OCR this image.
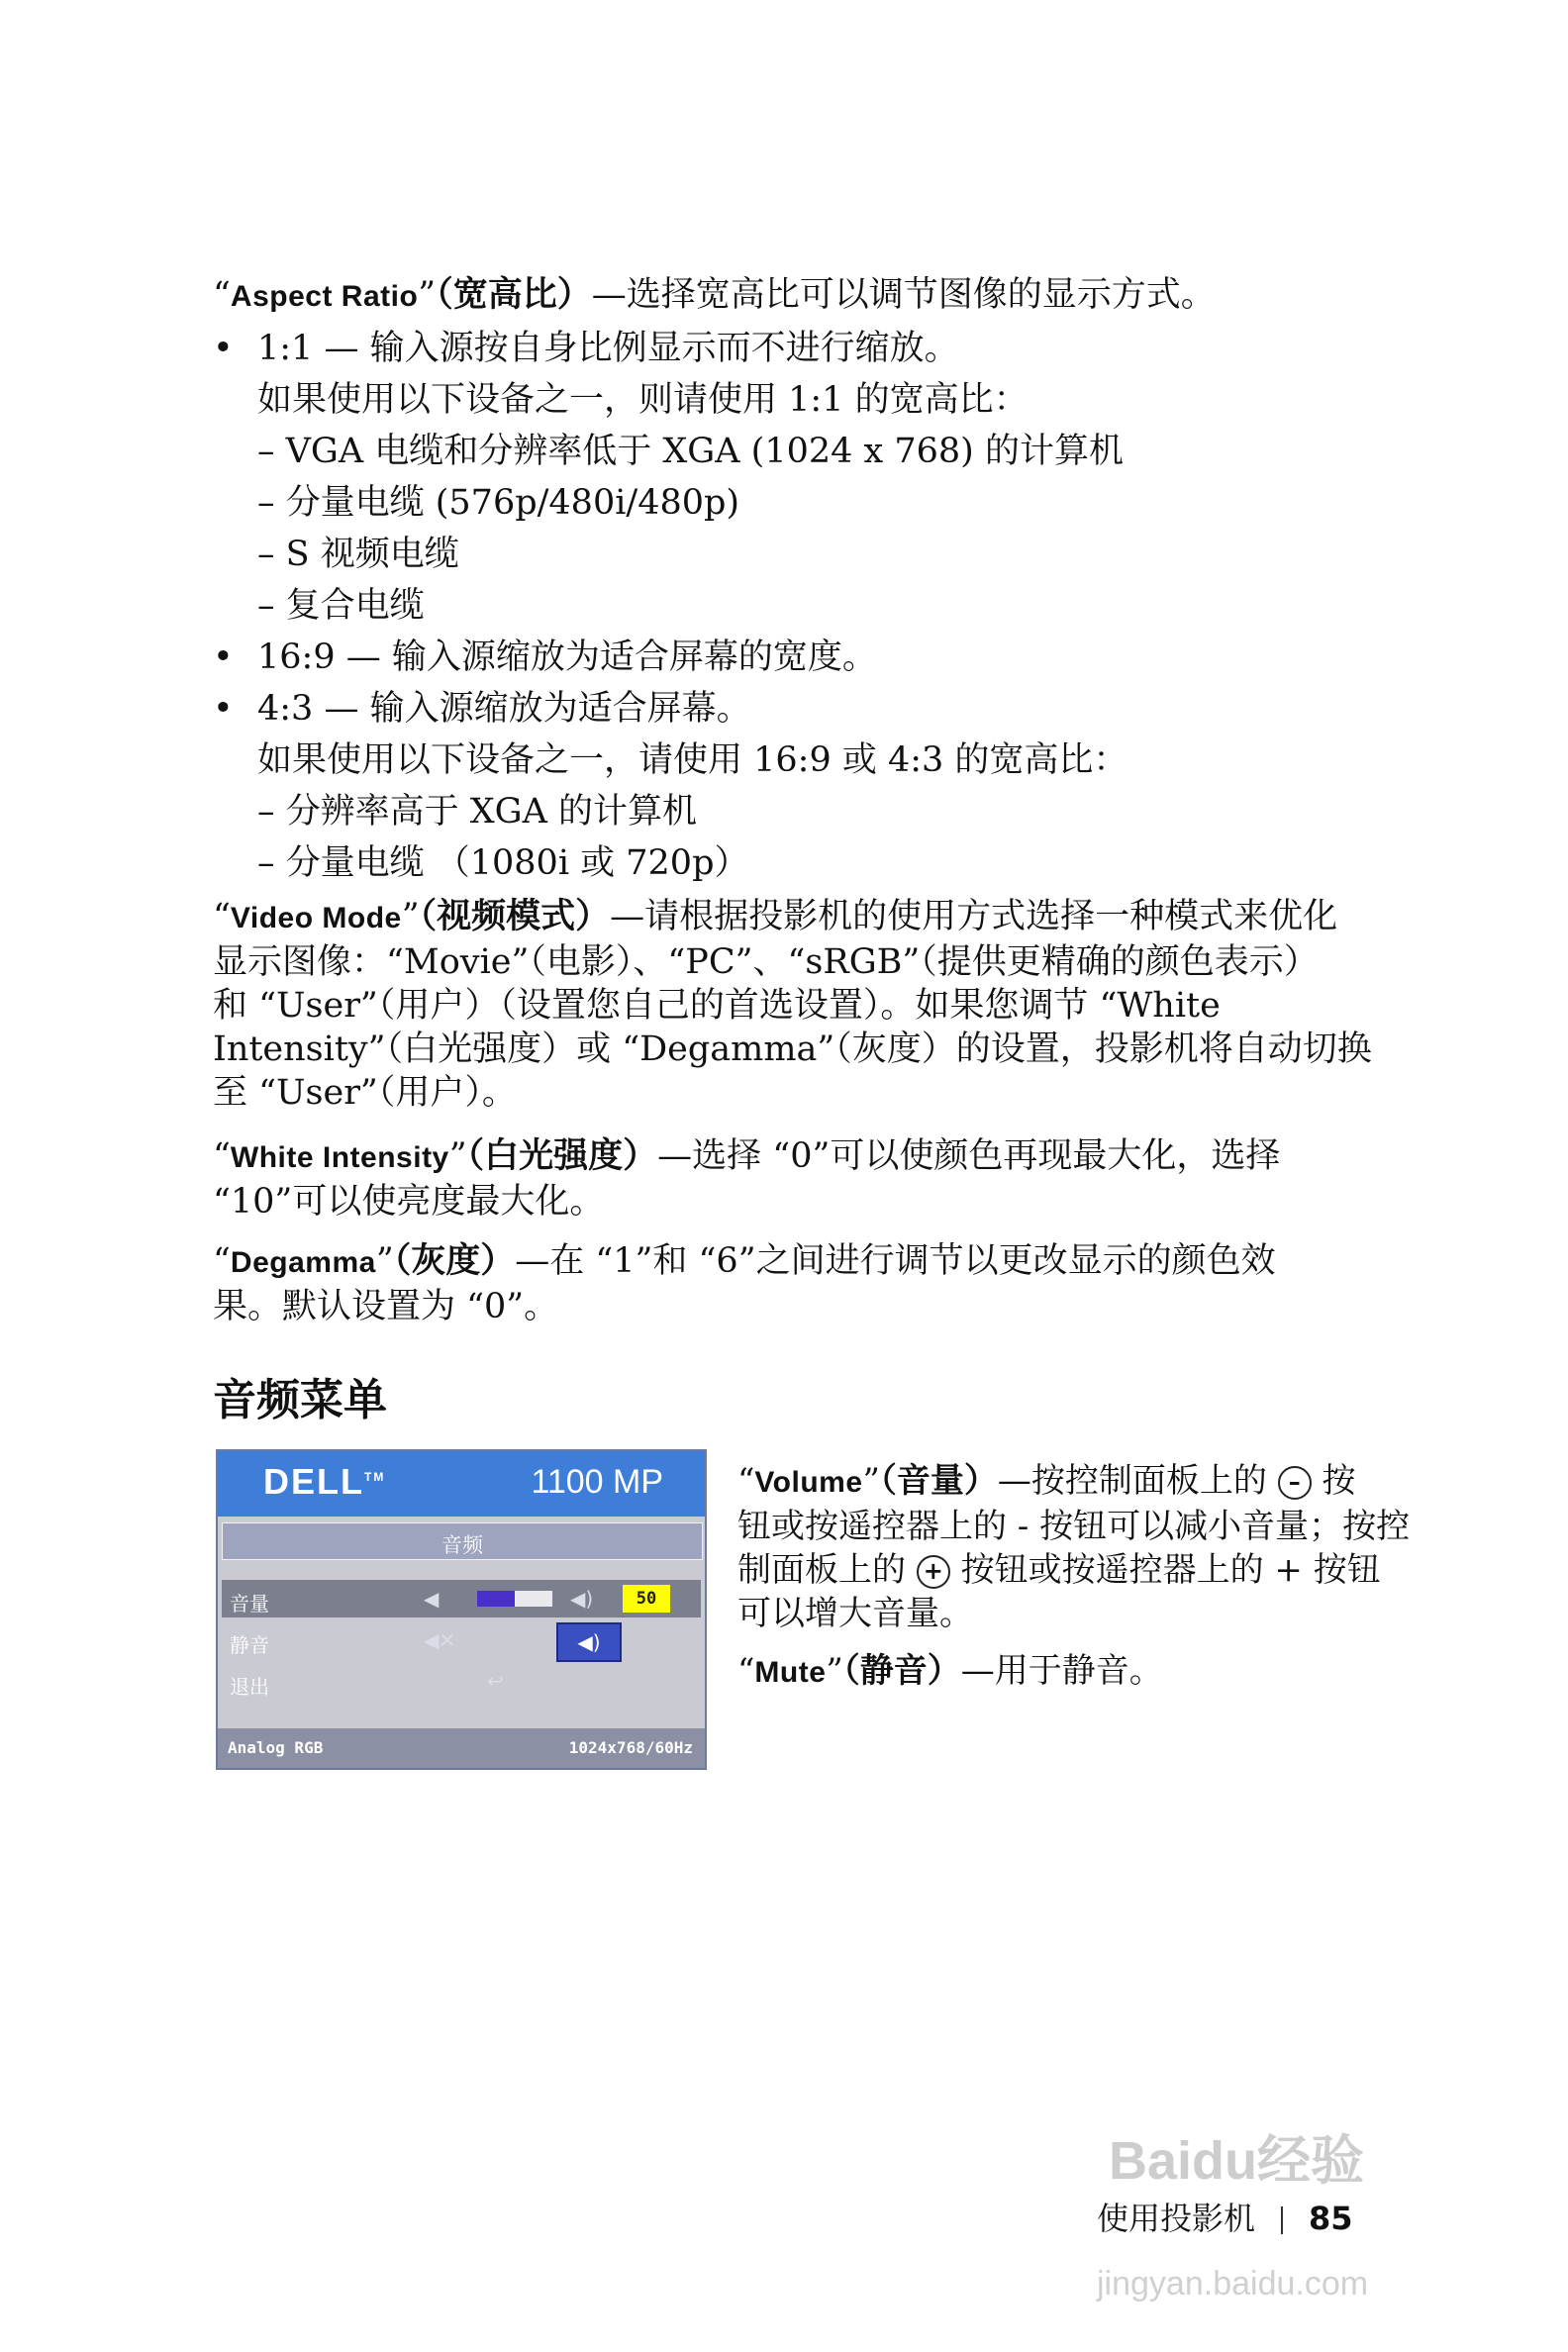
“Aspect Ratio”（宽高比）—选择宽高比可以调节图像的显示方式。
• 1:1 — 输入源按自身比例显示而不进行缩放。
如果使用以下设备之一，则请使用 1:1 的宽高比：
– VGA 电缆和分辨率低于 XGA (1024 x 768) 的计算机
– 分量电缆 (576p/480i/480p)
– S 视频电缆
– 复合电缆
• 16:9 — 输入源缩放为适合屏幕的宽度。
• 4:3 — 输入源缩放为适合屏幕。
如果使用以下设备之一，请使用 16:9 或 4:3 的宽高比：
– 分辨率高于 XGA 的计算机
– 分量电缆 （1080i 或 720p）
“Video Mode”（视频模式）—请根据投影机的使用方式选择一种模式来优化
显示图像：“Movie”（电影）、“PC”、“sRGB”（提供更精确的颜色表示）
和 “User”（用户）（设置您自己的首选设置）。如果您调节 “White
Intensity”（白光强度）或 “Degamma”（灰度）的设置，投影机将自动切换
至 “User”（用户）。
“White Intensity”（白光强度）—选择 “0”可以使颜色再现最大化，选择
“10”可以使亮度最大化。
“Degamma”（灰度）—在 “1”和 “6”之间进行调节以更改显示的颜色效
果。默认设置为 “0”。
音频菜单
DELL™	1100 MP
音频
音量	◀	◀)	50
静音	◀✕	◀)
退出	↩
Analog RGB	1024x768/60Hz
“Volume”（音量）—按控制面板上的 – 按
钮或按遥控器上的 - 按钮可以减小音量；按控
制面板上的 + 按钮或按遥控器上的 + 按钮
可以增大音量。
“Mute”（静音）—用于静音。
Baidu经验
使用投影机 85
jingyan.baidu.com
